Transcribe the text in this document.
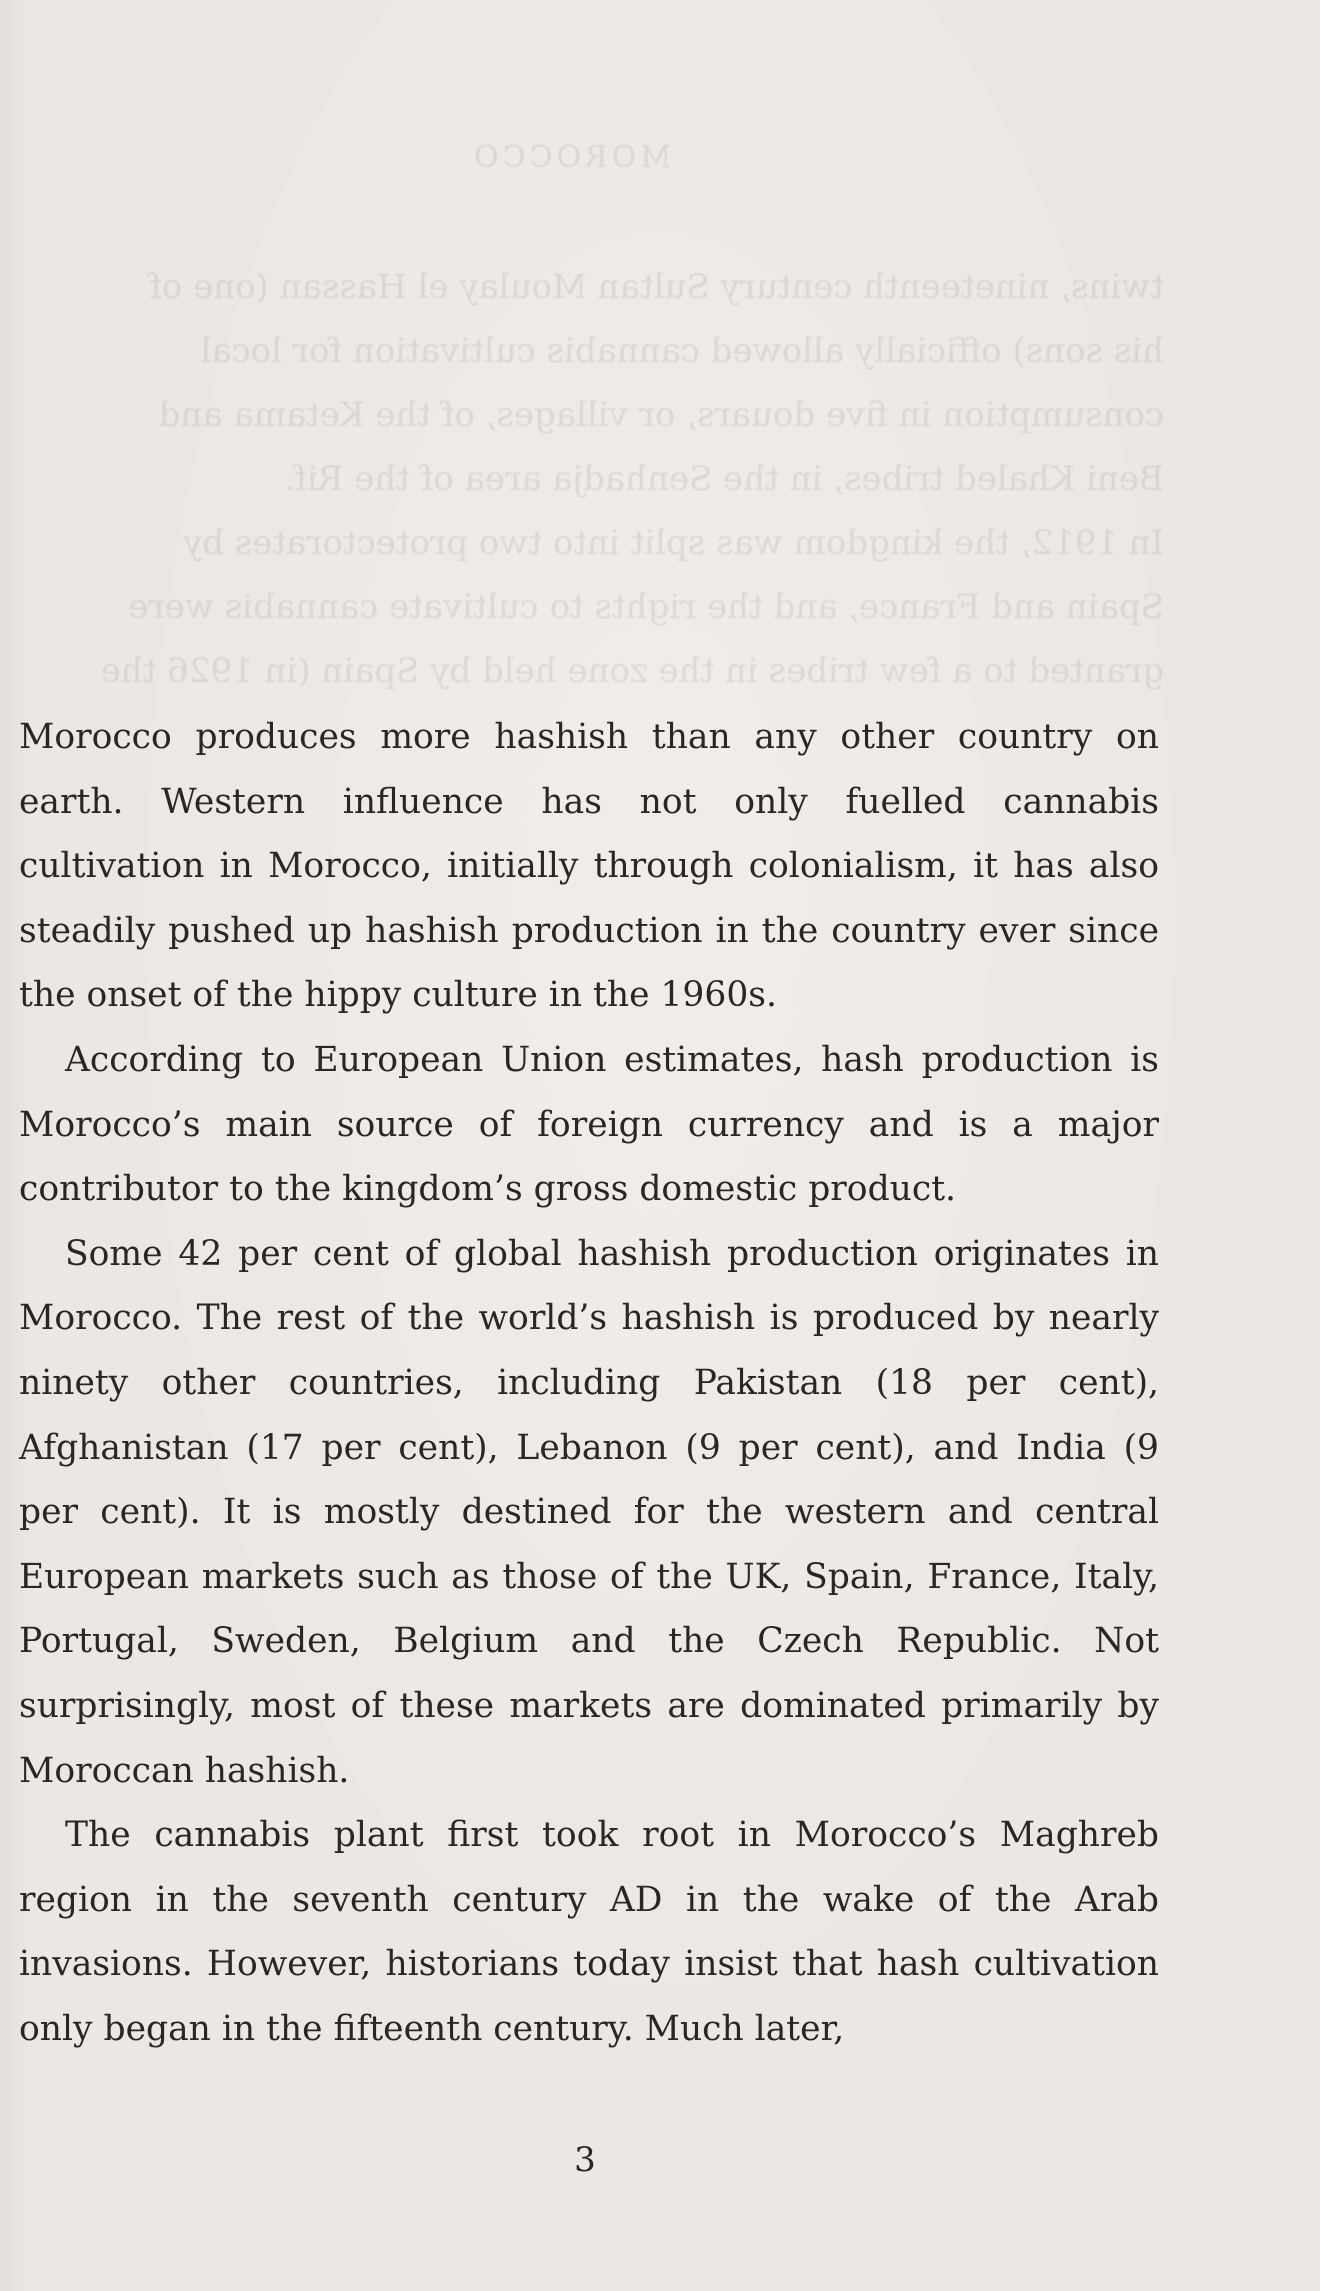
MOROCCO
twins, nineteenth century Sultan Moulay el Hassan (one of
his sons) officially allowed cannabis cultivation for local
consumption in five douars, or villages, of the Ketama and
Beni Khaled tribes, in the Senhadja area of the Rif.
In 1912, the kingdom was split into two protectorates by
Spain and France, and the rights to cultivate cannabis were
granted to a few tribes in the zone held by Spain (in 1926 the

Morocco produces more hashish than any other country on earth. Western influence has not only fuelled cannabis cultivation in Morocco, initially through colonialism, it has also steadily pushed up hashish production in the country ever since the onset of the hippy culture in the 1960s.

According to European Union estimates, hash production is Morocco’s main source of foreign currency and is a major contributor to the kingdom’s gross domestic product.

Some 42 per cent of global hashish production originates in Morocco. The rest of the world’s hashish is produced by nearly ninety other countries, including Pakistan (18 per cent), Afghanistan (17 per cent), Lebanon (9 per cent), and India (9 per cent). It is mostly destined for the western and central European markets such as those of the UK, Spain, France, Italy, Portugal, Sweden, Belgium and the Czech Republic. Not surprisingly, most of these markets are dominated primarily by Moroccan hashish.

The cannabis plant first took root in Morocco’s Maghreb region in the seventh century AD in the wake of the Arab invasions. However, historians today insist that hash cultivation only began in the fifteenth century. Much later,

3
